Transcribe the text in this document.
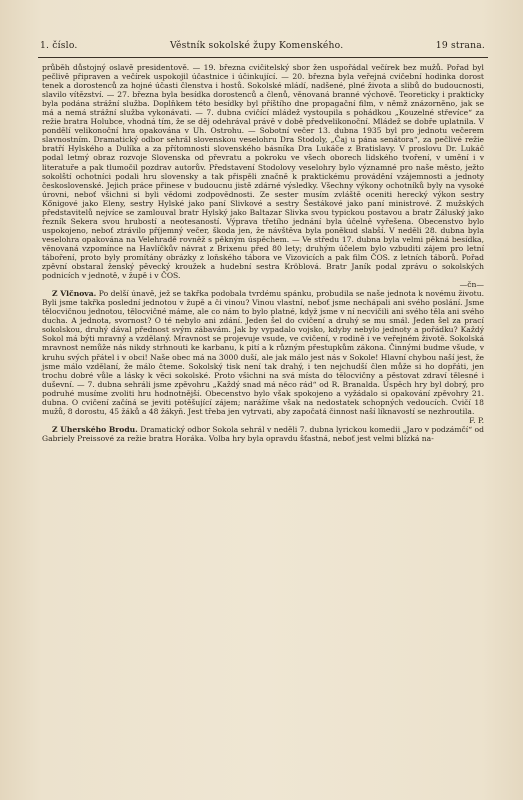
1. číslo.	Věstník sokolské župy Komenského.	19 strana.

průběh důstojný oslavě presidentově. — 19. března cvičitelský sbor žen uspořádal večírek bez mužů. Pořad byl pečlivě připraven a večírek uspokojil účastnice i účinkující. — 20. března byla veřejná cvičební hodinka dorost tenek a dorostenců za hojné účasti členstva i hostů. Sokolské mládí, nadšené, plné života a slibů do budoucnosti, slavilo vítězství. — 27. března byla besídka dorostenců a členů, věnovaná branné výchově. Teoreticky i prakticky byla podána strážní služba. Doplňkem této besídky byl příštího dne propagační film, v němž znázorněno, jak se má a nemá strážní služba vykonávati. — 7. dubna cvičící mládež vystoupila s pohádkou „Kouzelné střevíce“ za režie bratra Holubce, vhodná tím, že se děj odehrával právě v době předvelikonoční. Mládež se dobře uplatnila. V pondělí velikonoční hra opakována v Uh. Ostrohu. — Sobotní večer 13. dubna 1935 byl pro jednotu večerem slavnostním. Dramatický odbor sehrál slovenskou veselohru Dra Stodoly, „Čaj u pána senátora“, za pečlivé režie bratří Hylského a Dulíka a za přítomnosti slovenského básníka Dra Lukáče z Bratislavy. V proslovu Dr. Lukáč podal letmý obraz rozvoje Slovenska od převratu a pokroku ve všech oborech lidského tvoření, v umění i v literatuře a pak tlumočil pozdrav autorův. Představení Stodolovy veselohry bylo významné pro naše město, ježto sokolští ochotníci podali hru slovensky a tak přispěli značně k praktickému provádění vzájemnosti a jednoty československé. Jejich práce přinese v budoucnu jistě zdárné výsledky. Všechny výkony ochotníků byly na vysoké úrovni, neboť všichni si byli vědomi zodpovědnosti. Ze sester musím zvláště oceniti herecký výkon sestry Kőnigové jako Eleny, sestry Hylské jako paní Slivkové a sestry Šestákové jako paní ministrové. Z mužských představitelů nejvíce se zamlouval bratr Hylský jako Baltazar Slivka svou typickou postavou a bratr Záluský jako řezník Sekera svou hrubostí a neotesaností. Výprava třetího jednání byla účelně vyřešena. Obecenstvo bylo uspokojeno, neboť ztrávilo příjemný večer, škoda jen, že návštěva byla poněkud slabší. V neděli 28. dubna byla veselohra opakována na Velehradě rovněž s pěkným úspěchem. — Ve středu 17. dubna byla velmi pěkná besídka, věnovaná vzpomínce na Havlíčkův návrat z Brixenu před 80 lety; druhým účelem bylo vzbuditi zájem pro letní táboření, proto byly promítány obrázky z loňského tábora ve Vizovicích a pak film ČOS. z letních táborů. Pořad zpěvní obstaral ženský pěvecký kroužek a hudební sestra Kröblová. Bratr Janík podal zprávu o sokolských podnicích v jednotě, v župě i v ČOS.

—čn—

Z Vlčnova. Po delší únavě, jež se takřka podobala tvrdému spánku, probudila se naše jednota k novému životu. Byli jsme takřka poslední jednotou v župě a či vinou? Vinou vlastní, neboť jsme nechápali ani svého poslání. Jsme tělocvičnou jednotou, tělocvičné máme, ale co nám to bylo platné, když jsme v ní necvičili ani svého těla ani svého ducha. A jednota, svornost? O té nebylo ani zdání. Jeden šel do cvičení a druhý se mu smál. Jeden šel za prací sokolskou, druhý dával přednost svým zábavám. Jak by vypadalo vojsko, kdyby nebylo jednoty a pořádku? Každý Sokol má býti mravný a vzdělaný. Mravnost se projevuje vsude, ve cvičení, v rodině i ve veřejném životě. Sokolská mravnost nemůže nás nikdy strhnouti ke karbanu, k pití a k různým přestupkům zákona. Činnými budme všude, v kruhu svých přátel i v obci! Naše obec má na 3000 duší, ale jak málo jest nás v Sokole! Hlavní chybou naší jest, že jsme málo vzdělaní, že málo čteme. Sokolský tisk není tak drahý, i ten nejchudší člen může si ho dopřáti, jen trochu dobré vůle a lásky k věci sokolské. Proto všichni na svá místa do tělocvičny a pěstovat zdraví tělesné i duševní. — 7. dubna sehráli jsme zpěvohru „Každý snad má něco rád“ od R. Branalda. Úspěch hry byl dobrý, pro podruhé musíme zvoliti hru hodnotnější. Obecenstvo bylo však spokojeno a vyžádalo si opakování zpěvohry 21. dubna. O cvičení začíná se jeviti potěšující zájem; narážíme však na nedostatek schopných vedoucích. Cvičí 18 mužů, 8 dorostu, 45 žáků a 48 žákyň. Jest třeba jen vytrvati, aby započatá činnost naší líknavostí se nezhroutila.

F. P.

Z Uherského Brodu. Dramatický odbor Sokola sehrál v neděli 7. dubna lyrickou komedii „Jaro v podzámčí“ od Gabriely Preissové za režie bratra Horáka. Volba hry byla opravdu šťastná, neboť jest velmi blízká na-
